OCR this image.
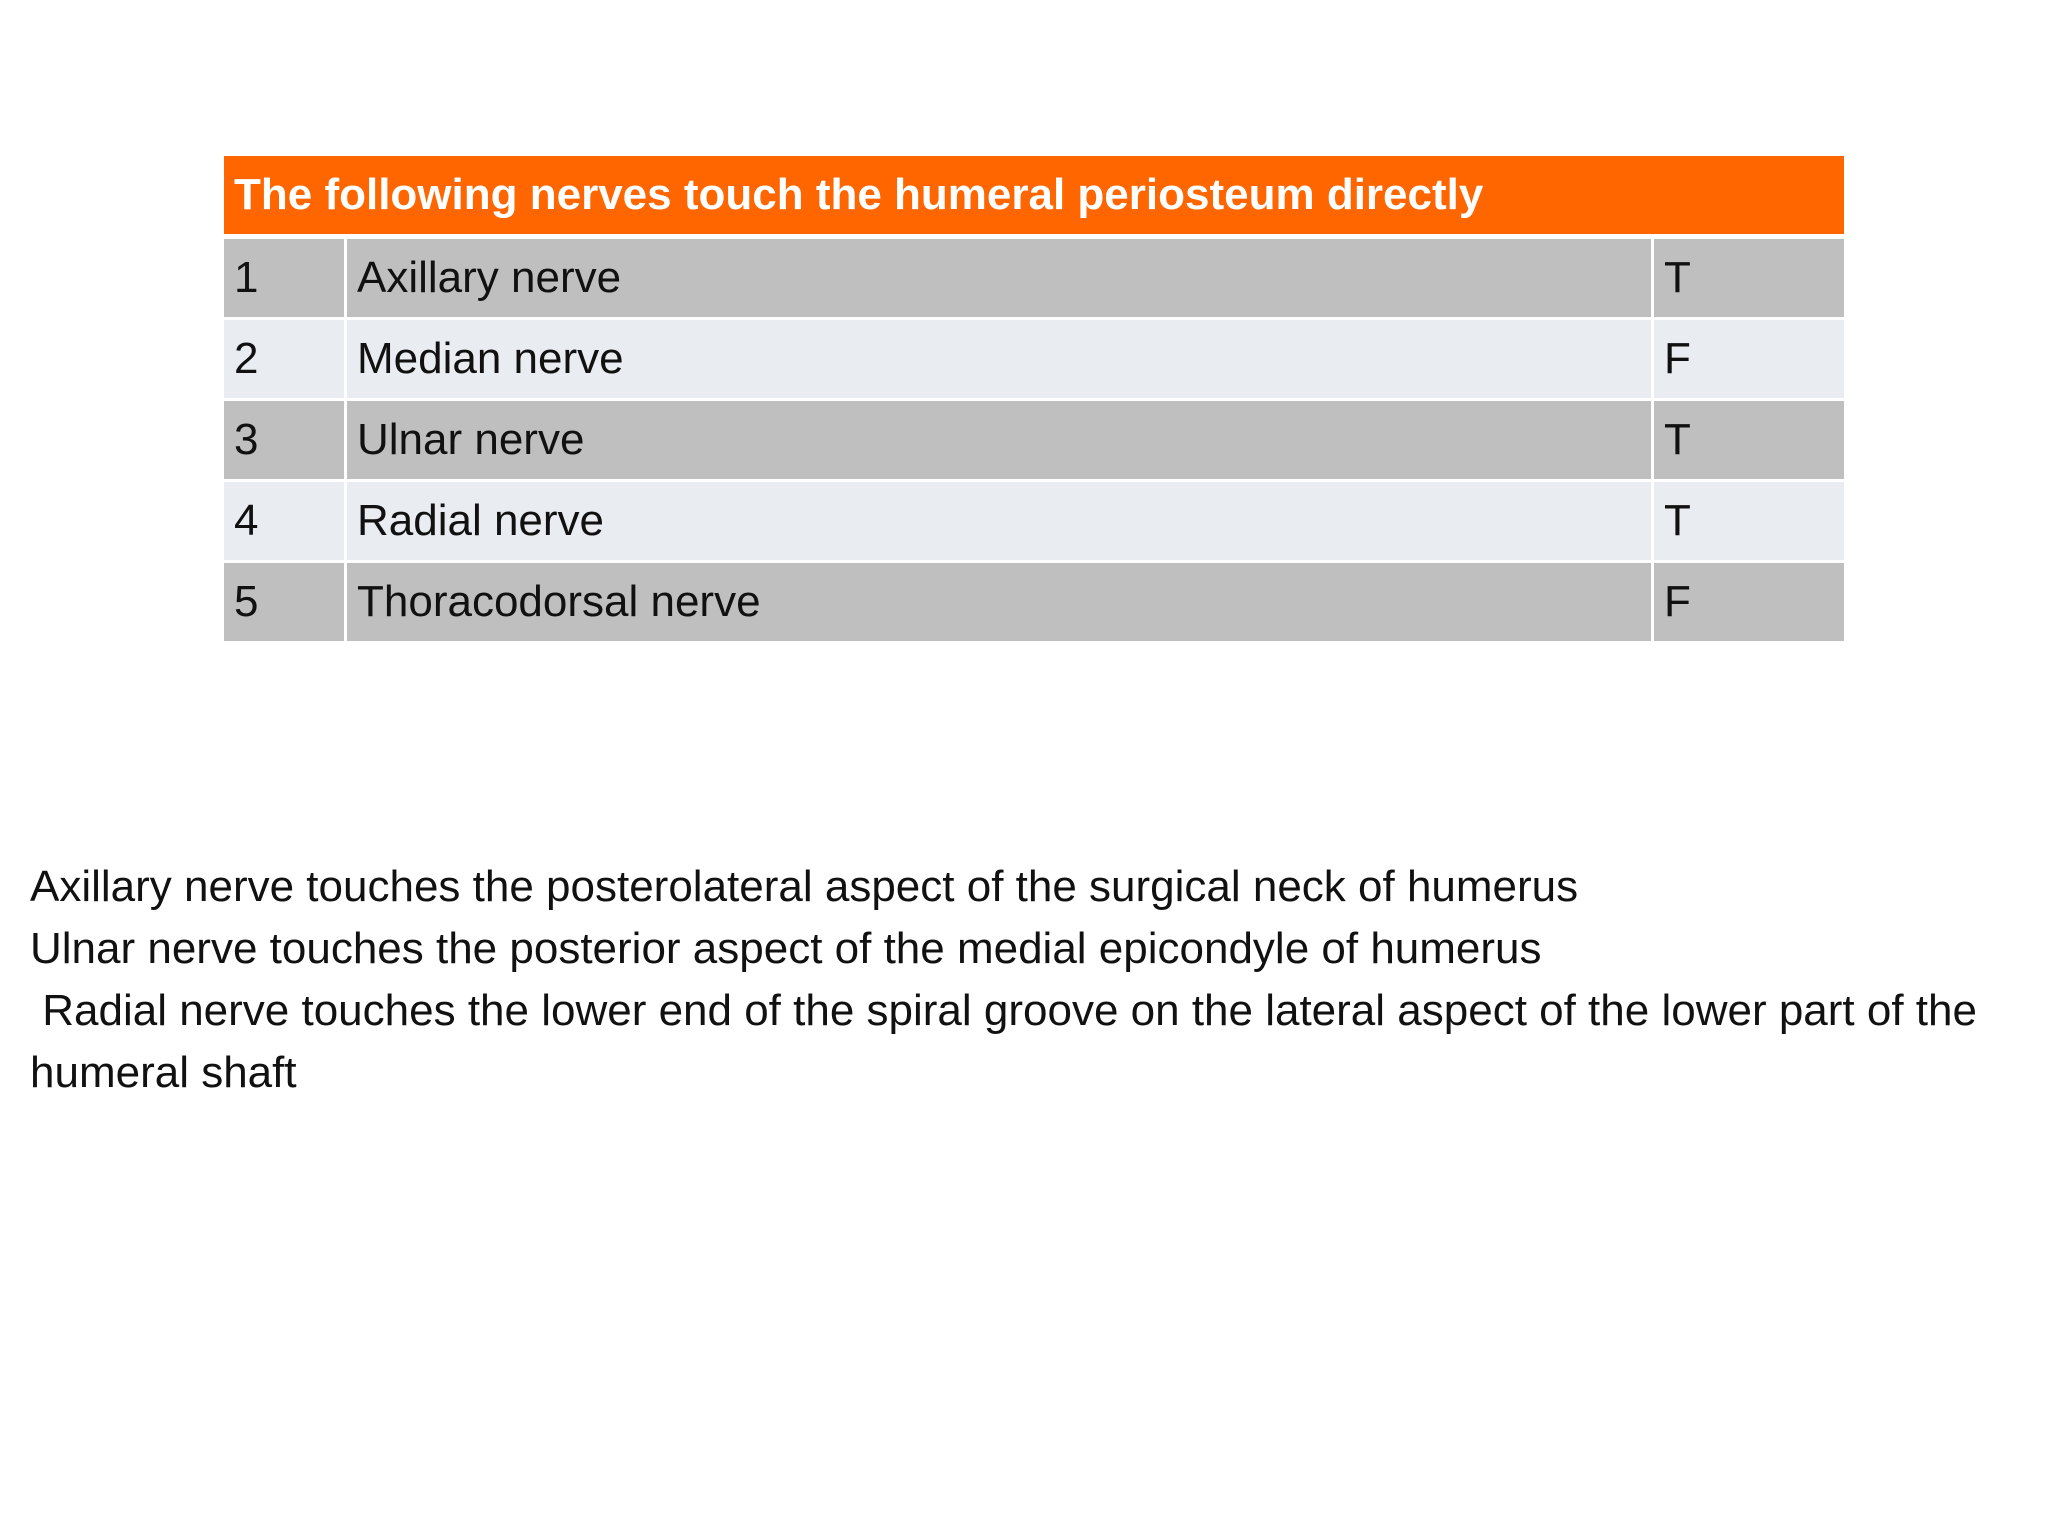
The following nerves touch the humeral periosteum directly		
1	Axillary nerve	T
2	Median nerve	F
3	Ulnar nerve	T
4	Radial nerve	T
5	Thoracodorsal nerve	F
Axillary nerve touches the posterolateral aspect of the surgical neck of humerus
Ulnar nerve touches the posterior aspect of the medial epicondyle of humerus
Radial nerve touches the lower end of the spiral groove on the lateral aspect of the lower part of the humeral shaft
